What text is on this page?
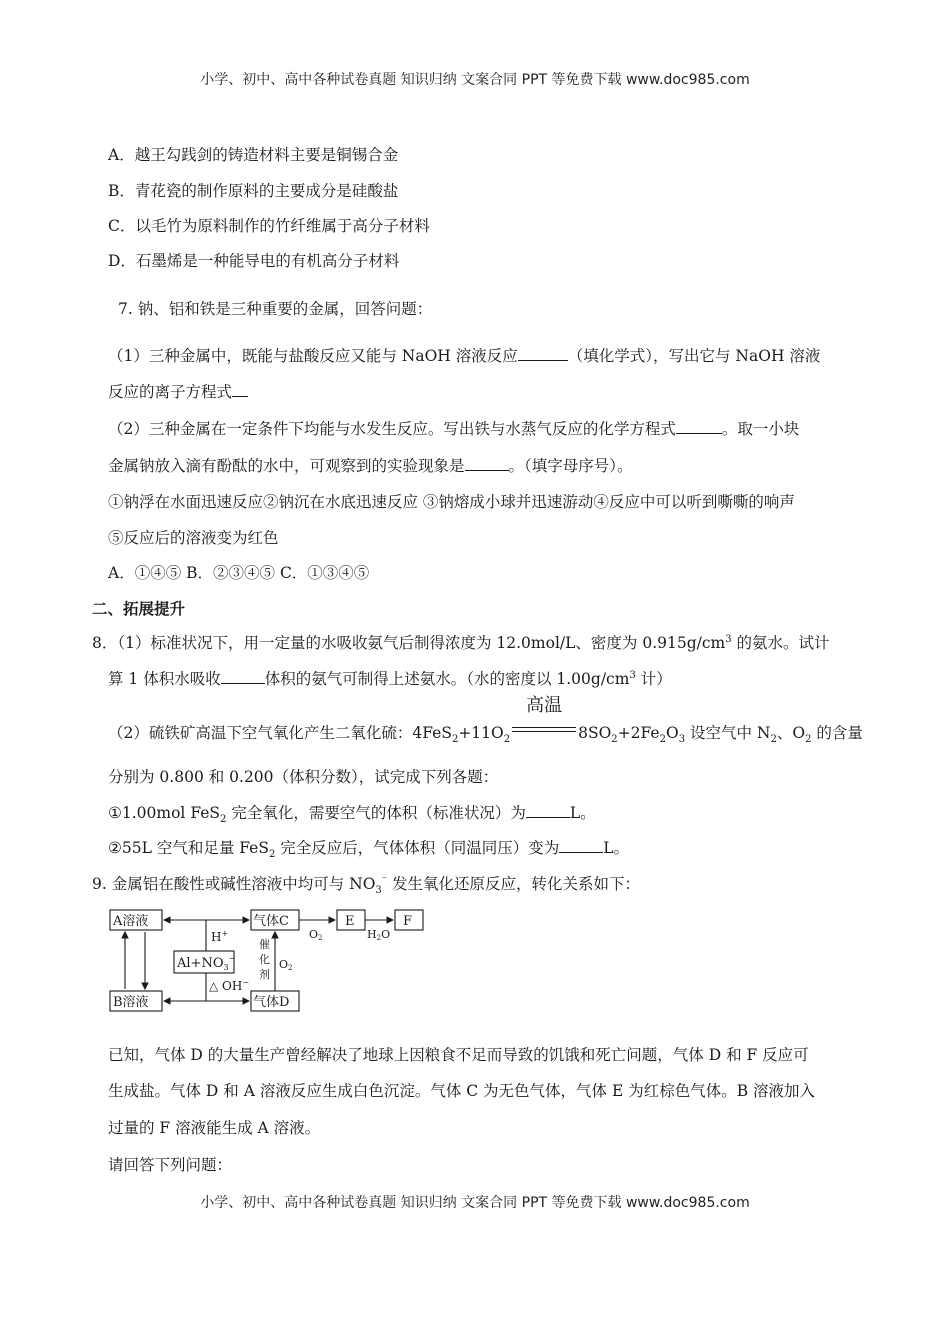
小学、初中、高中各种试卷真题 知识归纳 文案合同 PPT 等免费下载 www.doc985.com
A．越王勾践剑的铸造材料主要是铜锡合金
B．青花瓷的制作原料的主要成分是硅酸盐
C．以毛竹为原料制作的竹纤维属于高分子材料
D．石墨烯是一种能导电的有机高分子材料
7. 钠、铝和铁是三种重要的金属，回答问题：
（1）三种金属中，既能与盐酸反应又能与 NaOH 溶液反应	（填化学式），写出它与 NaOH 溶液
反应的离子方程式
（2）三种金属在一定条件下均能与水发生反应。写出铁与水蒸气反应的化学方程式	。取一小块
金属钠放入滴有酚酞的水中，可观察到的实验现象是	。（填字母序号）。
①钠浮在水面迅速反应②钠沉在水底迅速反应 ③钠熔成小球并迅速游动④反应中可以听到嘶嘶的响声
⑤反应后的溶液变为红色
A．①④⑤ B．②③④⑤ C．①③④⑤
二、拓展提升
8．（1）标准状况下，用一定量的水吸收氨气后制得浓度为 12.0mol/L、密度为 $0.915g/cm^3$ 的氨水。试计
算 1 体积水吸收	体积的氨气可制得上述氨水。（水的密度以 $1.00g/cm^3$ 计）
（2）硫铁矿高温下空气氧化产生二氧化硫：$4FeS_2+11O_2$
高温
$8SO_2+2Fe_2O_3$ 设空气中 $N_2$、$O_2$ 的含量
分别为 0.800 和 0.200（体积分数），试完成下列各题：
①1.00mol FeS$_2$ 完全氧化，需要空气的体积（标准状况）为	L。
②55L 空气和足量 FeS$_2$ 完全反应后，气体体积（同温同压）变为	L。
9. 金属铝在酸性或碱性溶液中均可与 $NO_3^{^-}$ 发生氧化还原反应，转化关系如下：
A溶液
B溶液
气体C	E	F
气体D
$Al+NO_3^-$
H+
△ OH−
O2	H2O
催
化
剂
O2
已知，气体 D 的大量生产曾经解决了地球上因粮食不足而导致的饥饿和死亡问题，气体 D 和 F 反应可
生成盐。气体 D 和 A 溶液反应生成白色沉淀。气体 C 为无色气体，气体 E 为红棕色气体。B 溶液加入
过量的 F 溶液能生成 A 溶液。
请回答下列问题：
小学、初中、高中各种试卷真题 知识归纳 文案合同 PPT 等免费下载 www.doc985.com
